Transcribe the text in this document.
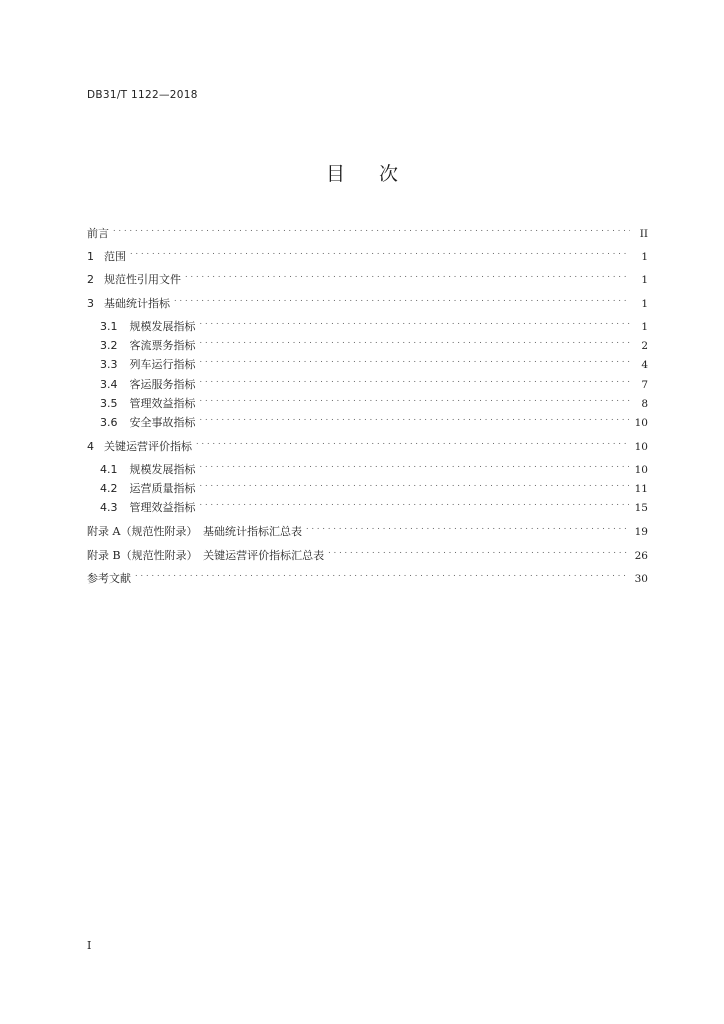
DB31/T 1122—2018
目次
前言 . . .	II
1 范围 . . .	1
2 规范性引用文件 . . .	1
3 基础统计指标 . . .	1
3.1 规模发展指标 . . .	1
3.2 客流票务指标 . . .	2
3.3 列车运行指标 . . .	4
3.4 客运服务指标 . . .	7
3.5 管理效益指标 . . .	8
3.6 安全事故指标 . . .	10
4 关键运营评价指标 . . .	10
4.1 规模发展指标 . . .	10
4.2 运营质量指标 . . .	11
4.3 管理效益指标 . . .	15
附录 A（规范性附录）　基础统计指标汇总表 . . .	19
附录 B（规范性附录）　关键运营评价指标汇总表 . . .	26
参考文献 . . .	30
I
